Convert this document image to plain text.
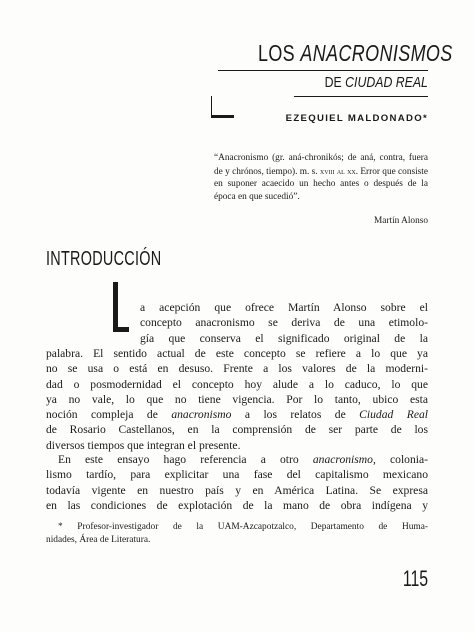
LOS ANACRONISMOS
DE CIUDAD REAL
EZEQUIEL MALDONADO*
“Anacronismo (gr. aná-chronikós; de aná, contra, fuera de y chrónos, tiempo). m. s. xviii al xx. Error que consiste en suponer acaecido un hecho antes o después de la época en que sucedió”.
Martín Alonso
INTRODUCCIÓN
a acepción que ofrece Martín Alonso sobre el
concepto anacronismo se deriva de una etimolo-
gía que conserva el significado original de la
palabra. El sentido actual de este concepto se refiere a lo que ya
no se usa o está en desuso. Frente a los valores de la moderni-
dad o posmodernidad el concepto hoy alude a lo caduco, lo que
ya no vale, lo que no tiene vigencia. Por lo tanto, ubico esta
noción compleja de anacronismo a los relatos de Ciudad Real
de Rosario Castellanos, en la comprensión de ser parte de los
diversos tiempos que integran el presente.
En este ensayo hago referencia a otro anacronismo, colonia-
lismo tardío, para explicitar una fase del capitalismo mexicano
todavía vigente en nuestro país y en América Latina. Se expresa
en las condiciones de explotación de la mano de obra indígena y
* Profesor-investigador de la UAM-Azcapotzalco, Departamento de Huma-
nidades, Área de Literatura.
115
